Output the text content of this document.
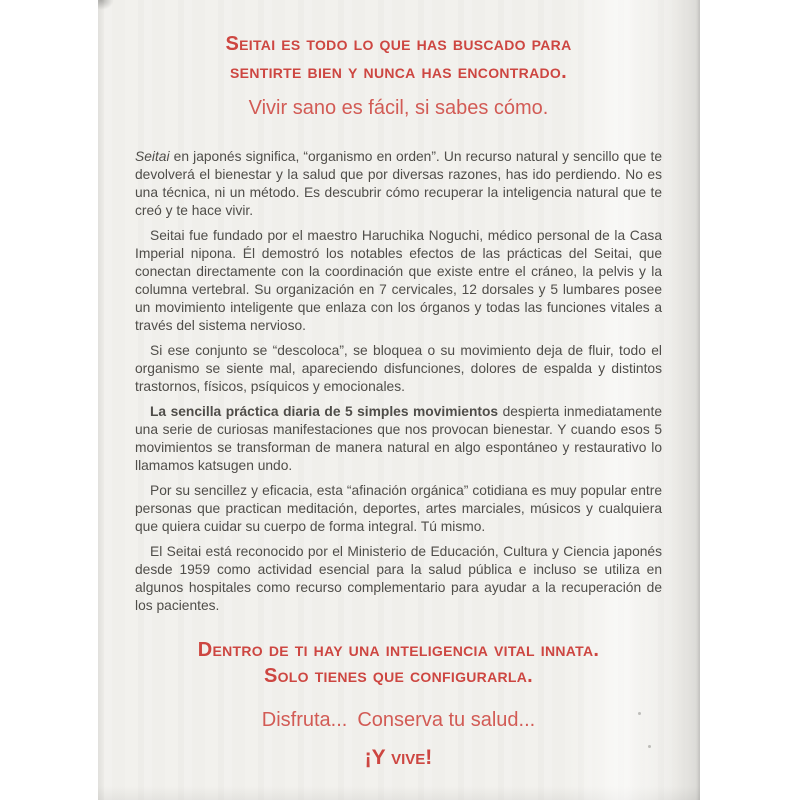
Seitai es todo lo que has buscado para
sentirte bien y nunca has encontrado.
Vivir sano es fácil, si sabes cómo.

Seitai en japonés significa, “organismo en orden”. Un recurso natural y sencillo que te devolverá el bienestar y la salud que por diversas razones, has ido perdiendo. No es una técnica, ni un método. Es descubrir cómo recuperar la inteligencia natural que te creó y te hace vivir.

Seitai fue fundado por el maestro Haruchika Noguchi, médico personal de la Casa Imperial nipona. Él demostró los notables efectos de las prácticas del Seitai, que conectan directamente con la coordinación que existe entre el cráneo, la pelvis y la columna vertebral. Su organización en 7 cervicales, 12 dorsales y 5 lumbares posee un movimiento inteligente que enlaza con los órganos y todas las funciones vitales a través del sistema nervioso.

Si ese conjunto se “descoloca”, se bloquea o su movimiento deja de fluir, todo el organismo se siente mal, apareciendo disfunciones, dolores de espalda y distintos trastornos, físicos, psíquicos y emocionales.

La sencilla práctica diaria de 5 simples movimientos despierta inmediatamente una serie de curiosas manifestaciones que nos provocan bienestar. Y cuando esos 5 movimientos se transforman de manera natural en algo espontáneo y restaurativo lo llamamos katsugen undo.

Por su sencillez y eficacia, esta “afinación orgánica” cotidiana es muy popular entre personas que practican meditación, deportes, artes marciales, músicos y cualquiera que quiera cuidar su cuerpo de forma integral. Tú mismo.

El Seitai está reconocido por el Ministerio de Educación, Cultura y Ciencia japonés desde 1959 como actividad esencial para la salud pública e incluso se utiliza en algunos hospitales como recurso complementario para ayudar a la recuperación de los pacientes.

Dentro de ti hay una inteligencia vital innata.
Solo tienes que configurarla.
Disfruta... Conserva tu salud...
¡Y vive!
